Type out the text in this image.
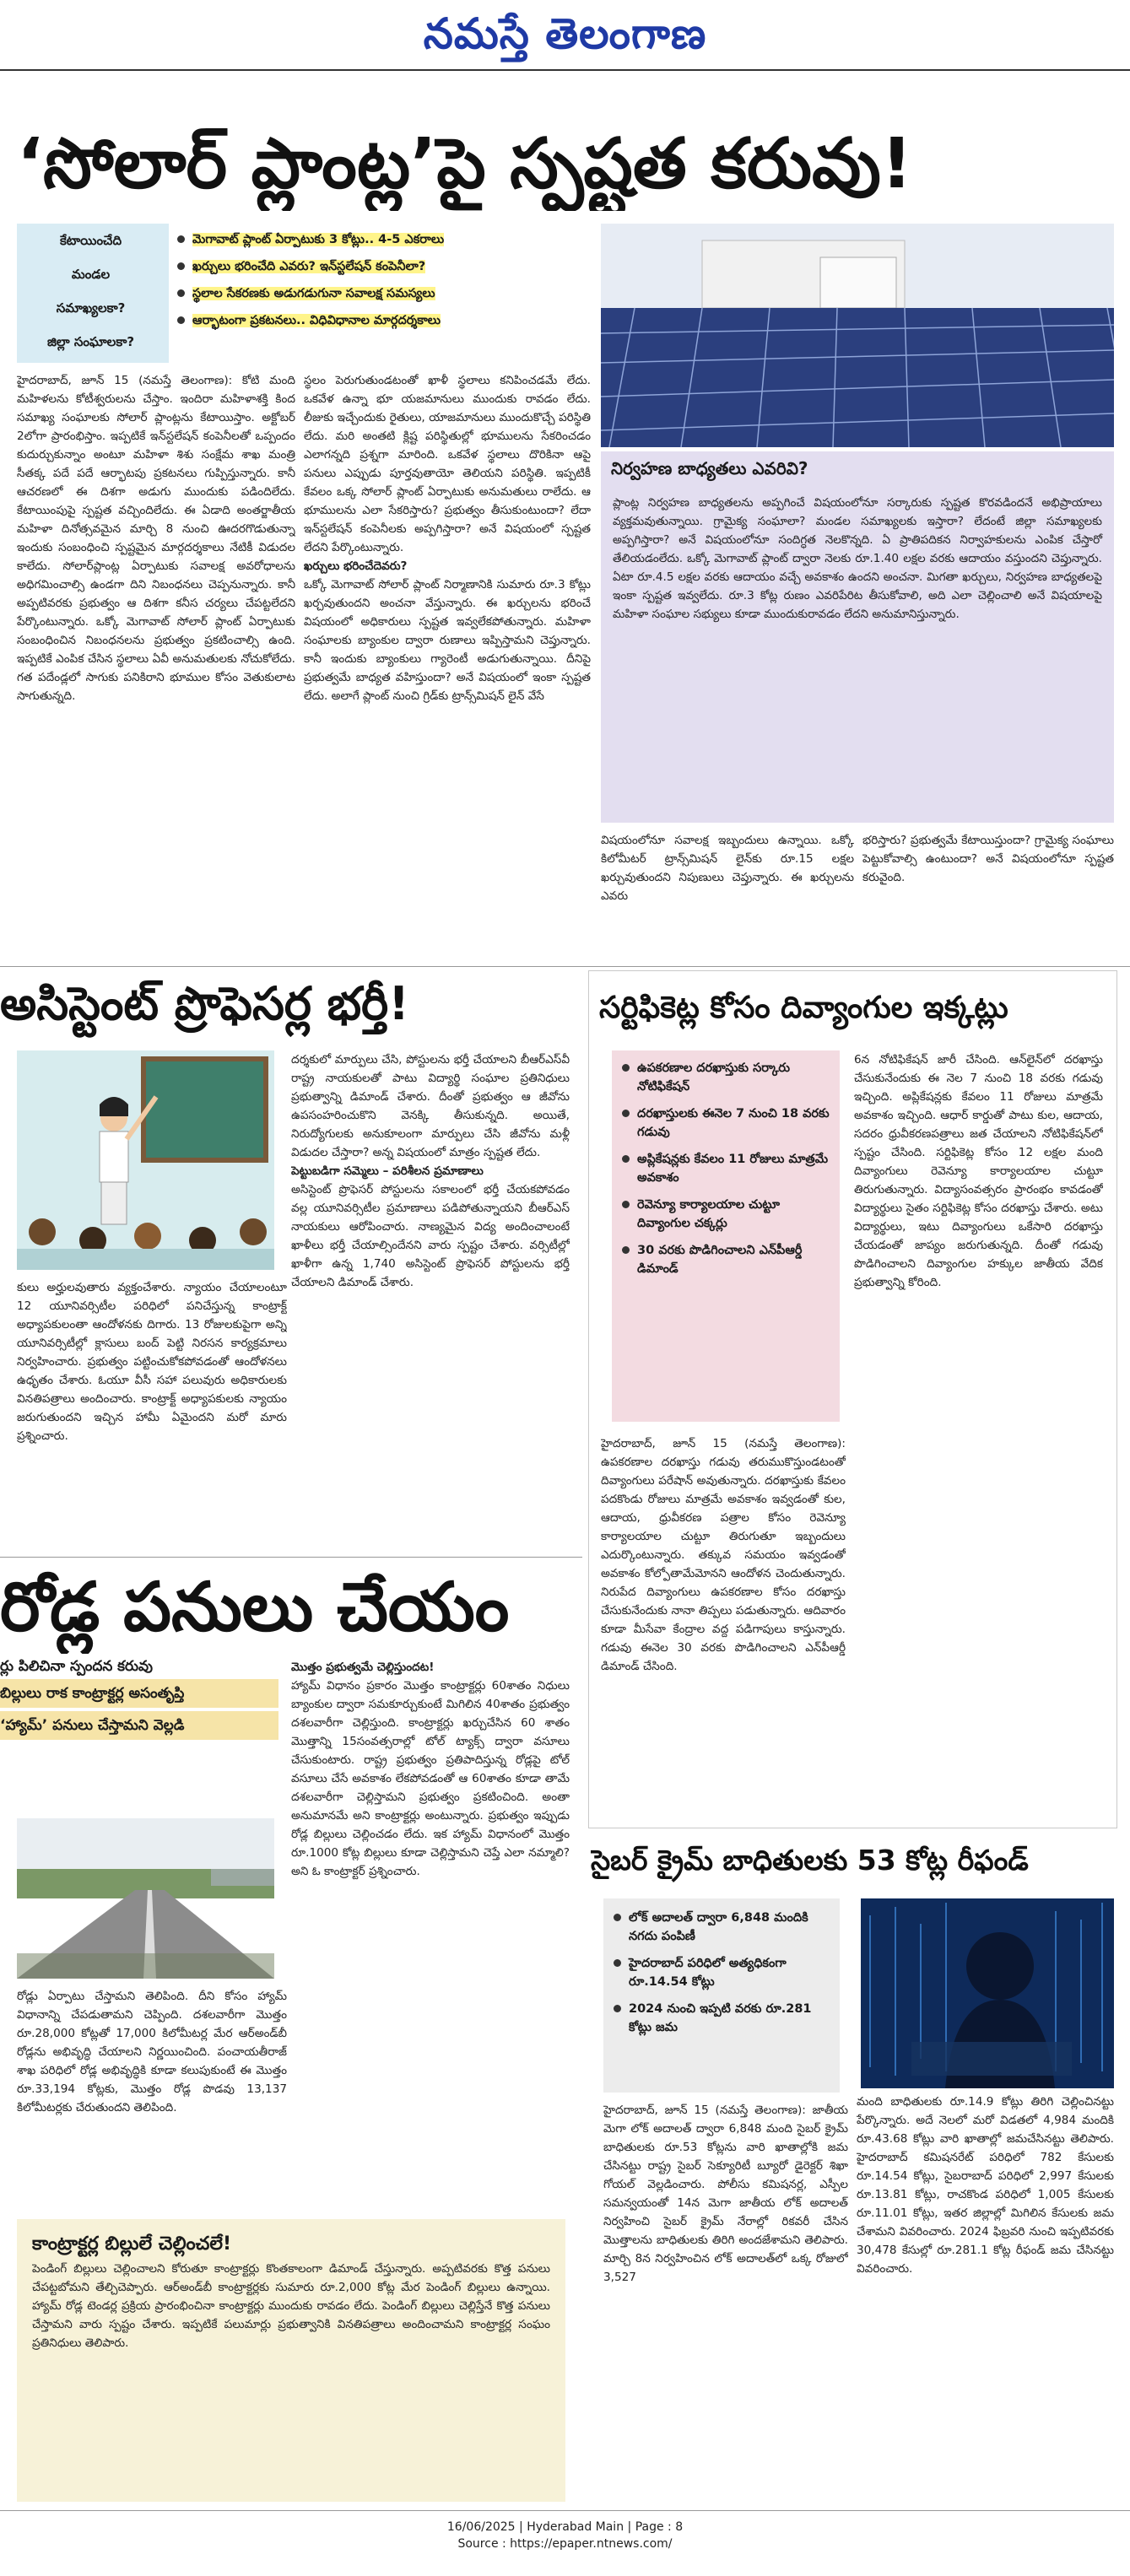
నమస్తే తెలంగాణ
‘సోలార్ ప్లాంట్ల’పై స్పష్టత కరువు!
కేటాయించేది
మండల
సమాఖ్యలకా?
జిల్లా సంఘాలకా?
మెగావాట్ ప్లాంట్ ఏర్పాటుకు 3 కోట్లు.. 4-5 ఎకరాలు
ఖర్చులు భరించేది ఎవరు? ఇన్‌స్టలేషన్ కంపెనీలా?
స్థలాల సేకరణకు అడుగడుగునా సవాలక్ష సమస్యలు
ఆర్భాటంగా ప్రకటనలు.. విధివిధానాల మార్గదర్శకాలు
నిర్వహణ బాధ్యతలు ఎవరివి?

ప్లాంట్ల నిర్వహణ బాధ్యతలను అప్పగించే విషయంలోనూ సర్కారుకు స్పష్టత కొరవడిందనే అభిప్రాయాలు వ్యక్తమవుతున్నాయి. గ్రామైక్య సంఘాలా? మండల సమాఖ్యలకు ఇస్తారా? లేదంటే జిల్లా సమాఖ్యలకు అప్పగిస్తారా? అనే విషయంలోనూ సందిగ్ధత నెలకొన్నది. ఏ ప్రాతిపదికన నిర్వాహకులను ఎంపిక చేస్తారో తేలియడంలేదు. ఒక్కో మెగావాట్ ప్లాంట్ ద్వారా నెలకు రూ.1.40 లక్షల వరకు ఆదాయం వస్తుందని చెప్తున్నారు. ఏటా రూ.4.5 లక్షల వరకు ఆదాయం వచ్చే అవకాశం ఉందని అంచనా. మిగతా ఖర్చులు, నిర్వహణ బాధ్యతలపై ఇంకా స్పష్టత ఇవ్వలేదు. రూ.3 కోట్ల రుణం ఎవరిపేరిట తీసుకోవాలి, అది ఎలా చెల్లించాలి అనే విషయాలపై మహిళా సంఘాల సభ్యులు కూడా ముందుకురావడం లేదని అనుమానిస్తున్నారు.

హైదరాబాద్, జూన్ 15 (నమస్తే తెలంగాణ): కోటి మంది మహిళలను కోటీశ్వరులను చేస్తాం. ఇందిరా మహిళాశక్తి కింద సమాఖ్య సంఘాలకు సోలార్ ప్లాంట్లను కేటాయిస్తాం. అక్టోబర్ 2లోగా ప్రారంభిస్తాం. ఇప్పటికే ఇన్‌స్టలేషన్ కంపెనీలతో ఒప్పందం కుదుర్చుకున్నాం అంటూ మహిళా శిశు సంక్షేమ శాఖ మంత్రి సీతక్క పదే పదే ఆర్భాటపు ప్రకటనలు గుప్పిస్తున్నారు. కానీ ఆచరణలో ఈ దిశగా అడుగు ముందుకు పడిందిలేదు. కేటాయింపుపై స్పష్టత వచ్చిందిలేదు. ఈ ఏడాది అంతర్జాతీయ మహిళా దినోత్సవమైన మార్చి 8 నుంచి ఊదరగొడుతున్నా ఇందుకు సంబంధించి స్పష్టమైన మార్గదర్శకాలు నేటికీ విడుదల కాలేదు. సోలార్‌ప్లాంట్ల ఏర్పాటుకు సవాలక్ష అవరోధాలను అధిగమించాల్సి ఉండగా దిని నిబంధనలు చెప్పనున్నారు. కానీ అప్పటివరకు ప్రభుత్వం ఆ దిశగా కనీస చర్యలు చేపట్టలేదని పేర్కొంటున్నారు. ఒక్కో మెగావాట్ సోలార్ ప్లాంట్ ఏర్పాటుకు సంబంధించిన నిబంధనలను ప్రభుత్వం ప్రకటించాల్సి ఉంది. ఇప్పటికే ఎంపిక చేసిన స్థలాలు ఏవీ అనుమతులకు నోచుకోలేదు. గత పదేండ్లలో సాగుకు పనికిరాని భూముల కోసం వెతుకులాట సాగుతున్నది.

స్థలం పెరుగుతుండటంతో ఖాళీ స్థలాలు కనిపించడమే లేదు. ఒకవేళ ఉన్నా భూ యజమానులు ముందుకు రావడం లేదు. లీజుకు ఇచ్చేందుకు రైతులు, యాజమానులు ముందుకొచ్చే పరిస్థితి లేదు. మరి అంతటి క్లిష్ట పరిస్థితుల్లో భూములను సేకరించడం ఎలాగన్నది ప్రశ్నగా మారింది. ఒకవేళ స్థలాలు దొరికినా ఆపై పనులు ఎప్పుడు పూర్తవుతాయో తెలియని పరిస్థితి. ఇప్పటికీ కేవలం ఒక్క సోలార్ ప్లాంట్ ఏర్పాటుకు అనుమతులు రాలేదు. ఆ భూములను ఎలా సేకరిస్తారు? ప్రభుత్వం తీసుకుంటుందా? లేదా ఇన్‌స్టలేషన్ కంపెనీలకు అప్పగిస్తారా? అనే విషయంలో స్పష్టత లేదని పేర్కొంటున్నారు.

ఖర్చులు భరించేదెవరు?

ఒక్కో మెగావాట్ సోలార్ ప్లాంట్ నిర్మాణానికి సుమారు రూ.3 కోట్లు ఖర్చవుతుందని అంచనా వేస్తున్నారు. ఈ ఖర్చులను భరించే విషయంలో అధికారులు స్పష్టత ఇవ్వలేకపోతున్నారు. మహిళా సంఘాలకు బ్యాంకుల ద్వారా రుణాలు ఇప్పిస్తామని చెప్తున్నారు. కానీ ఇందుకు బ్యాంకులు గ్యారెంటీ అడుగుతున్నాయి. దీనిపై ప్రభుత్వమే బాధ్యత వహిస్తుందా? అనే విషయంలో ఇంకా స్పష్టత లేదు. అలాగే ప్లాంట్ నుంచి గ్రిడ్‌కు ట్రాన్స్‌మిషన్ లైన్ వేసే

విషయంలోనూ సవాలక్ష ఇబ్బందులు ఉన్నాయి. ఒక్కో కిలోమీటర్ ట్రాన్స్‌మిషన్ లైన్‌కు రూ.15 లక్షల ఖర్చువుతుందని నిపుణులు చెప్తున్నారు. ఈ ఖర్చులను ఎవరు

భరిస్తారు? ప్రభుత్వమే కేటాయిస్తుందా? గ్రామైక్య సంఘాలు పెట్టుకోవాల్సి ఉంటుందా? అనే విషయంలోనూ స్పష్టత కరువైంది.

అసిస్టెంట్ ప్రొఫెసర్ల భర్తీ!

కులు అర్హులవుతారు వ్యక్తంచేశారు. న్యాయం చేయాలంటూ 12 యూనివర్సిటీల పరిధిలో పనిచేస్తున్న కాంట్రాక్ట్ అధ్యాపకులంతా ఆందోళనకు దిగారు. 13 రోజులకుపైగా అన్ని యూనివర్సిటీల్లో క్లాసులు బంద్ పెట్టి నిరసన కార్యక్రమాలు నిర్వహించారు. ప్రభుత్వం పట్టించుకోకపోవడంతో ఆందోళనలు ఉధృతం చేశారు. ఓయూ వీసీ సహా పలువురు అధికారులకు వినతిపత్రాలు అందించారు. కాంట్రాక్ట్ అధ్యాపకులకు న్యాయం జరుగుతుందని ఇచ్చిన హామీ ఏమైందని మరో మారు ప్రశ్నించారు.

దర్శకులో మార్పులు చేసి, పోస్టులను భర్తీ చేయాలని బీఆర్ఎస్‌వీ రాష్ట్ర నాయకులతో పాటు విద్యార్థి సంఘాల ప్రతినిధులు ప్రభుత్వాన్ని డిమాండ్ చేశారు. దీంతో ప్రభుత్వం ఆ జీవోను ఉపసంహరించుకొని వెనక్కి తీసుకున్నది. అయితే, నిరుద్యోగులకు అనుకూలంగా మార్పులు చేసి జీవోను మళ్లీ విడుదల చేస్తారా? అన్న విషయంలో మాత్రం స్పష్టత లేదు.

పెట్టుబడిగా సమ్మెలు – పరిశీలన ప్రమాణాలు

అసిస్టెంట్ ప్రొఫెసర్ పోస్టులను సకాలంలో భర్తీ చేయకపోవడం వల్ల యూనివర్సిటీల ప్రమాణాలు పడిపోతున్నాయని బీఆర్ఎస్ నాయకులు ఆరోపించారు. నాణ్యమైన విద్య అందించాలంటే ఖాళీలు భర్తీ చేయాల్సిందేనని వారు స్పష్టం చేశారు. వర్సిటీల్లో ఖాళీగా ఉన్న 1,740 అసిస్టెంట్ ప్రొఫెసర్ పోస్టులను భర్తీ చేయాలని డిమాండ్ చేశారు.

రోడ్ల పనులు చేయం
ర్లు పిలిచినా స్పందన కరువు
బిల్లులు రాక కాంట్రాక్టర్ల అసంతృప్తి
‘హ్యామ్’ పనులు చేస్తామని వెల్లడి

రోడ్లు ఏర్పాటు చేస్తామని తెలిపింది. దీని కోసం హ్యామ్ విధానాన్ని చేపడుతామని చెప్పింది. దశలవారీగా మొత్తం రూ.28,000 కోట్లతో 17,000 కిలోమీటర్ల మేర ఆర్‌అండ్‌బీ రోడ్లను అభివృద్ధి చేయాలని నిర్ణయించింది. పంచాయతీరాజ్ శాఖ పరిధిలో రోడ్ల అభివృద్ధికి కూడా కలుపుకుంటే ఈ మొత్తం రూ.33,194 కోట్లకు, మొత్తం రోడ్ల పొడవు 13,137 కిలోమీటర్లకు చేరుతుందని తెలిపింది.

మొత్తం ప్రభుత్వమే చెల్లిస్తుందట!

హ్యామ్ విధానం ప్రకారం మొత్తం కాంట్రాక్టర్లు 60శాతం నిధులు బ్యాంకుల ద్వారా సమకూర్చుకుంటే మిగిలిన 40శాతం ప్రభుత్వం దశలవారీగా చెల్లిస్తుంది. కాంట్రాక్టర్లు ఖర్చుచేసిన 60 శాతం మొత్తాన్ని 15సంవత్సరాల్లో టోల్ ట్యాక్స్ ద్వారా వసూలు చేసుకుంటారు. రాష్ట్ర ప్రభుత్వం ప్రతిపాదిస్తున్న రోడ్లపై టోల్ వసూలు చేసే అవకాశం లేకపోవడంతో ఆ 60శాతం కూడా తామే దశలవారీగా చెల్లిస్తామని ప్రభుత్వం ప్రకటించింది. అంతా అనుమానమే అని కాంట్రాక్టర్లు అంటున్నారు. ప్రభుత్వం ఇప్పుడు రోడ్ల బిల్లులు చెల్లించడం లేదు. ఇక హ్యామ్ విధానంలో మొత్తం రూ.1000 కోట్ల బిల్లులు కూడా చెల్లిస్తామని చెప్తే ఎలా నమ్మాలి? అని ఓ కాంట్రాక్టర్ ప్రశ్నించారు.

కాంట్రాక్టర్ల బిల్లులే చెల్లించలే!
పెండింగ్ బిల్లులు చెల్లించాలని కోరుతూ కాంట్రాక్టర్లు కొంతకాలంగా డిమాండ్ చేస్తున్నారు. అప్పటివరకు కొత్త పనులు చేపట్టబోమని తేల్చిచెప్పారు. ఆర్‌అండ్‌బీ కాంట్రాక్టర్లకు సుమారు రూ.2,000 కోట్ల మేర పెండింగ్ బిల్లులు ఉన్నాయి. హ్యామ్ రోడ్ల టెండర్ల ప్రక్రియ ప్రారంభించినా కాంట్రాక్టర్లు ముందుకు రావడం లేదు. పెండింగ్ బిల్లులు చెల్లిస్తేనే కొత్త పనులు చేస్తామని వారు స్పష్టం చేశారు. ఇప్పటికే పలుమార్లు ప్రభుత్వానికి వినతిపత్రాలు అందించామని కాంట్రాక్టర్ల సంఘం ప్రతినిధులు తెలిపారు.
సర్టిఫికెట్ల కోసం దివ్యాంగుల ఇక్కట్లు
ఉపకరణాల దరఖాస్తుకు సర్కారు నోటిఫికేషన్
దరఖాస్తులకు ఈనెల 7 నుంచి 18 వరకు గడువు
అప్లికేషన్లకు కేవలం 11 రోజులు మాత్రమే అవకాశం
రెవెన్యూ కార్యాలయాల చుట్టూ దివ్యాంగుల చక్కర్లు
30 వరకు పొడిగించాలని ఎన్‌పీఆర్డీ డిమాండ్

హైదరాబాద్, జూన్ 15 (నమస్తే తెలంగాణ): ఉపకరణాల దరఖాస్తు గడువు తరుముకొస్తుండటంతో దివ్యాంగులు పరేషాన్ అవుతున్నారు. దరఖాస్తుకు కేవలం పదకొండు రోజులు మాత్రమే అవకాశం ఇవ్వడంతో కుల, ఆదాయ, ధ్రువీకరణ పత్రాల కోసం రెవెన్యూ కార్యాలయాల చుట్టూ తిరుగుతూ ఇబ్బందులు ఎదుర్కొంటున్నారు. తక్కువ సమయం ఇవ్వడంతో అవకాశం కోల్పోతామేమోనని ఆందోళన చెందుతున్నారు. నిరుపేద దివ్యాంగులు ఉపకరణాల కోసం దరఖాస్తు చేసుకునేందుకు నానా తిప్పలు పడుతున్నారు. ఆదివారం కూడా మీసేవా కేంద్రాల వద్ద పడిగాపులు కాస్తున్నారు. గడువు ఈనెల 30 వరకు పొడిగించాలని ఎన్‌పీఆర్డీ డిమాండ్ చేసింది.

6న నోటిఫికేషన్ జారీ చేసింది. ఆన్‌లైన్‌లో దరఖాస్తు చేసుకునేందుకు ఈ నెల 7 నుంచి 18 వరకు గడువు ఇచ్చింది. అప్లికేషన్లకు కేవలం 11 రోజులు మాత్రమే అవకాశం ఇచ్చింది. ఆధార్ కార్డుతో పాటు కుల, ఆదాయ, సదరం ధ్రువీకరణపత్రాలు జత చేయాలని నోటిఫికేషన్‌లో స్పష్టం చేసింది. సర్టిఫికెట్ల కోసం 12 లక్షల మంది దివ్యాంగులు రెవెన్యూ కార్యాలయాల చుట్టూ తిరుగుతున్నారు. విద్యాసంవత్సరం ప్రారంభం కావడంతో విద్యార్థులు సైతం సర్టిఫికెట్ల కోసం దరఖాస్తు చేశారు. అటు విద్యార్థులు, ఇటు దివ్యాంగులు ఒకేసారి దరఖాస్తు చేయడంతో జాప్యం జరుగుతున్నది. దీంతో గడువు పొడిగించాలని దివ్యాంగుల హక్కుల జాతీయ వేదిక ప్రభుత్వాన్ని కోరింది.

సైబర్ క్రైమ్ బాధితులకు 53 కోట్ల రీఫండ్
లోక్ అదాలత్ ద్వారా 6,848 మందికి నగదు పంపిణీ
హైదరాబాద్ పరిధిలో అత్యధికంగా రూ.14.54 కోట్లు
2024 నుంచి ఇప్పటి వరకు రూ.281 కోట్లు జమ

హైదరాబాద్, జూన్ 15 (నమస్తే తెలంగాణ): జాతీయ మెగా లోక్ అదాలత్ ద్వారా 6,848 మంది సైబర్ క్రైమ్ బాధితులకు రూ.53 కోట్లను వారి ఖాతాల్లోకి జమ చేసినట్టు రాష్ట్ర సైబర్ సెక్యూరిటీ బ్యూరో డైరెక్టర్ శిఖా గోయల్ వెల్లడించారు. పోలీసు కమిషనర్ల, ఎస్పీల సమన్వయంతో 14న మెగా జాతీయ లోక్ అదాలత్ నిర్వహించి సైబర్ క్రైమ్ నేరాల్లో రికవరీ చేసిన మొత్తాలను బాధితులకు తిరిగి అందజేశామని తెలిపారు. మార్చి 8న నిర్వహించిన లోక్ అదాలత్‌లో ఒక్క రోజులో 3,527

మంది బాధితులకు రూ.14.9 కోట్లు తిరిగి చెల్లించినట్టు పేర్కొన్నారు. అదే నెలలో మరో విడతలో 4,984 మందికి రూ.43.68 కోట్లు వారి ఖాతాల్లో జమచేసినట్టు తెలిపారు. హైదరాబాద్ కమిషనరేట్ పరిధిలో 782 కేసులకు రూ.14.54 కోట్లు, సైబరాబాద్ పరిధిలో 2,997 కేసులకు రూ.13.81 కోట్లు, రాచకొండ పరిధిలో 1,005 కేసులకు రూ.11.01 కోట్లు, ఇతర జిల్లాల్లో మిగిలిన కేసులకు జమ చేశామని వివరించారు. 2024 ఫిబ్రవరి నుంచి ఇప్పటివరకు 30,478 కేసుల్లో రూ.281.1 కోట్ల రీఫండ్ జమ చేసినట్టు వివరించారు.

16/06/2025 | Hyderabad Main | Page : 8
Source : https://epaper.ntnews.com/
